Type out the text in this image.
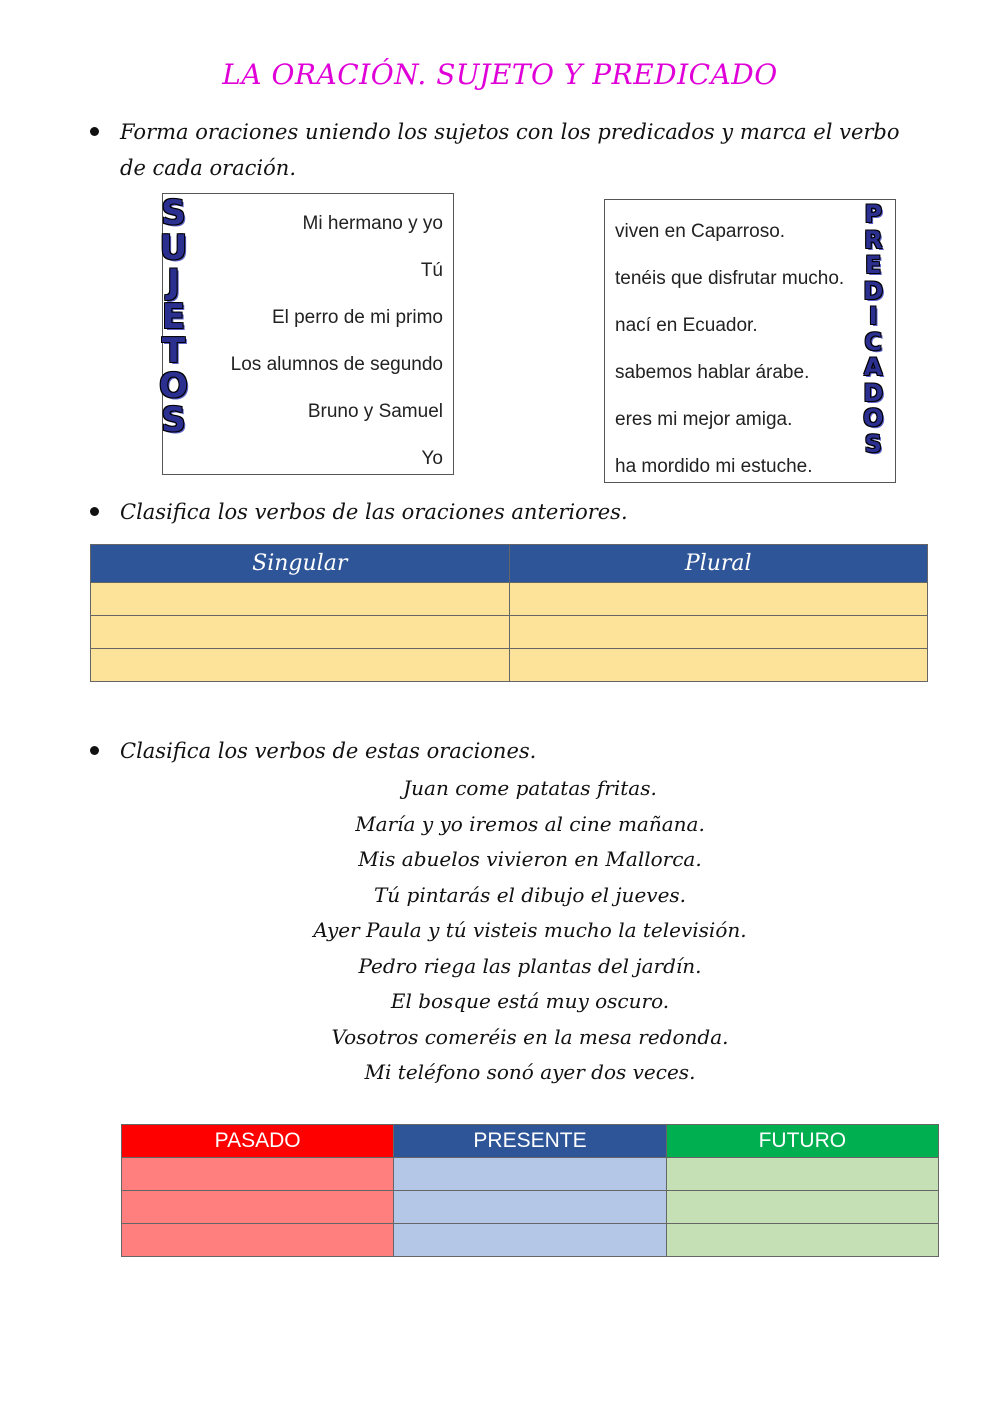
LA ORACIÓN. SUJETO Y PREDICADO
Forma oraciones uniendo los sujetos con los predicados y marca el verbo de cada oración.
S
U
J
E
T
O
S
Mi hermano y yo
Tú
El perro de mi primo
Los alumnos de segundo
Bruno y Samuel
Yo
viven en Caparroso.
tenéis que disfrutar mucho.
nací en Ecuador.
sabemos hablar árabe.
eres mi mejor amiga.
ha mordido mi estuche.
P
R
E
D
I
C
A
D
O
S
Clasifica los verbos de las oraciones anteriores.
Singular	Plural

Clasifica los verbos de estas oraciones.
Juan come patatas fritas.
María y yo iremos al cine mañana.
Mis abuelos vivieron en Mallorca.
Tú pintarás el dibujo el jueves.
Ayer Paula y tú visteis mucho la televisión.
Pedro riega las plantas del jardín.
El bosque está muy oscuro.
Vosotros comeréis en la mesa redonda.
Mi teléfono sonó ayer dos veces.
PASADO	PRESENTE	FUTURO
